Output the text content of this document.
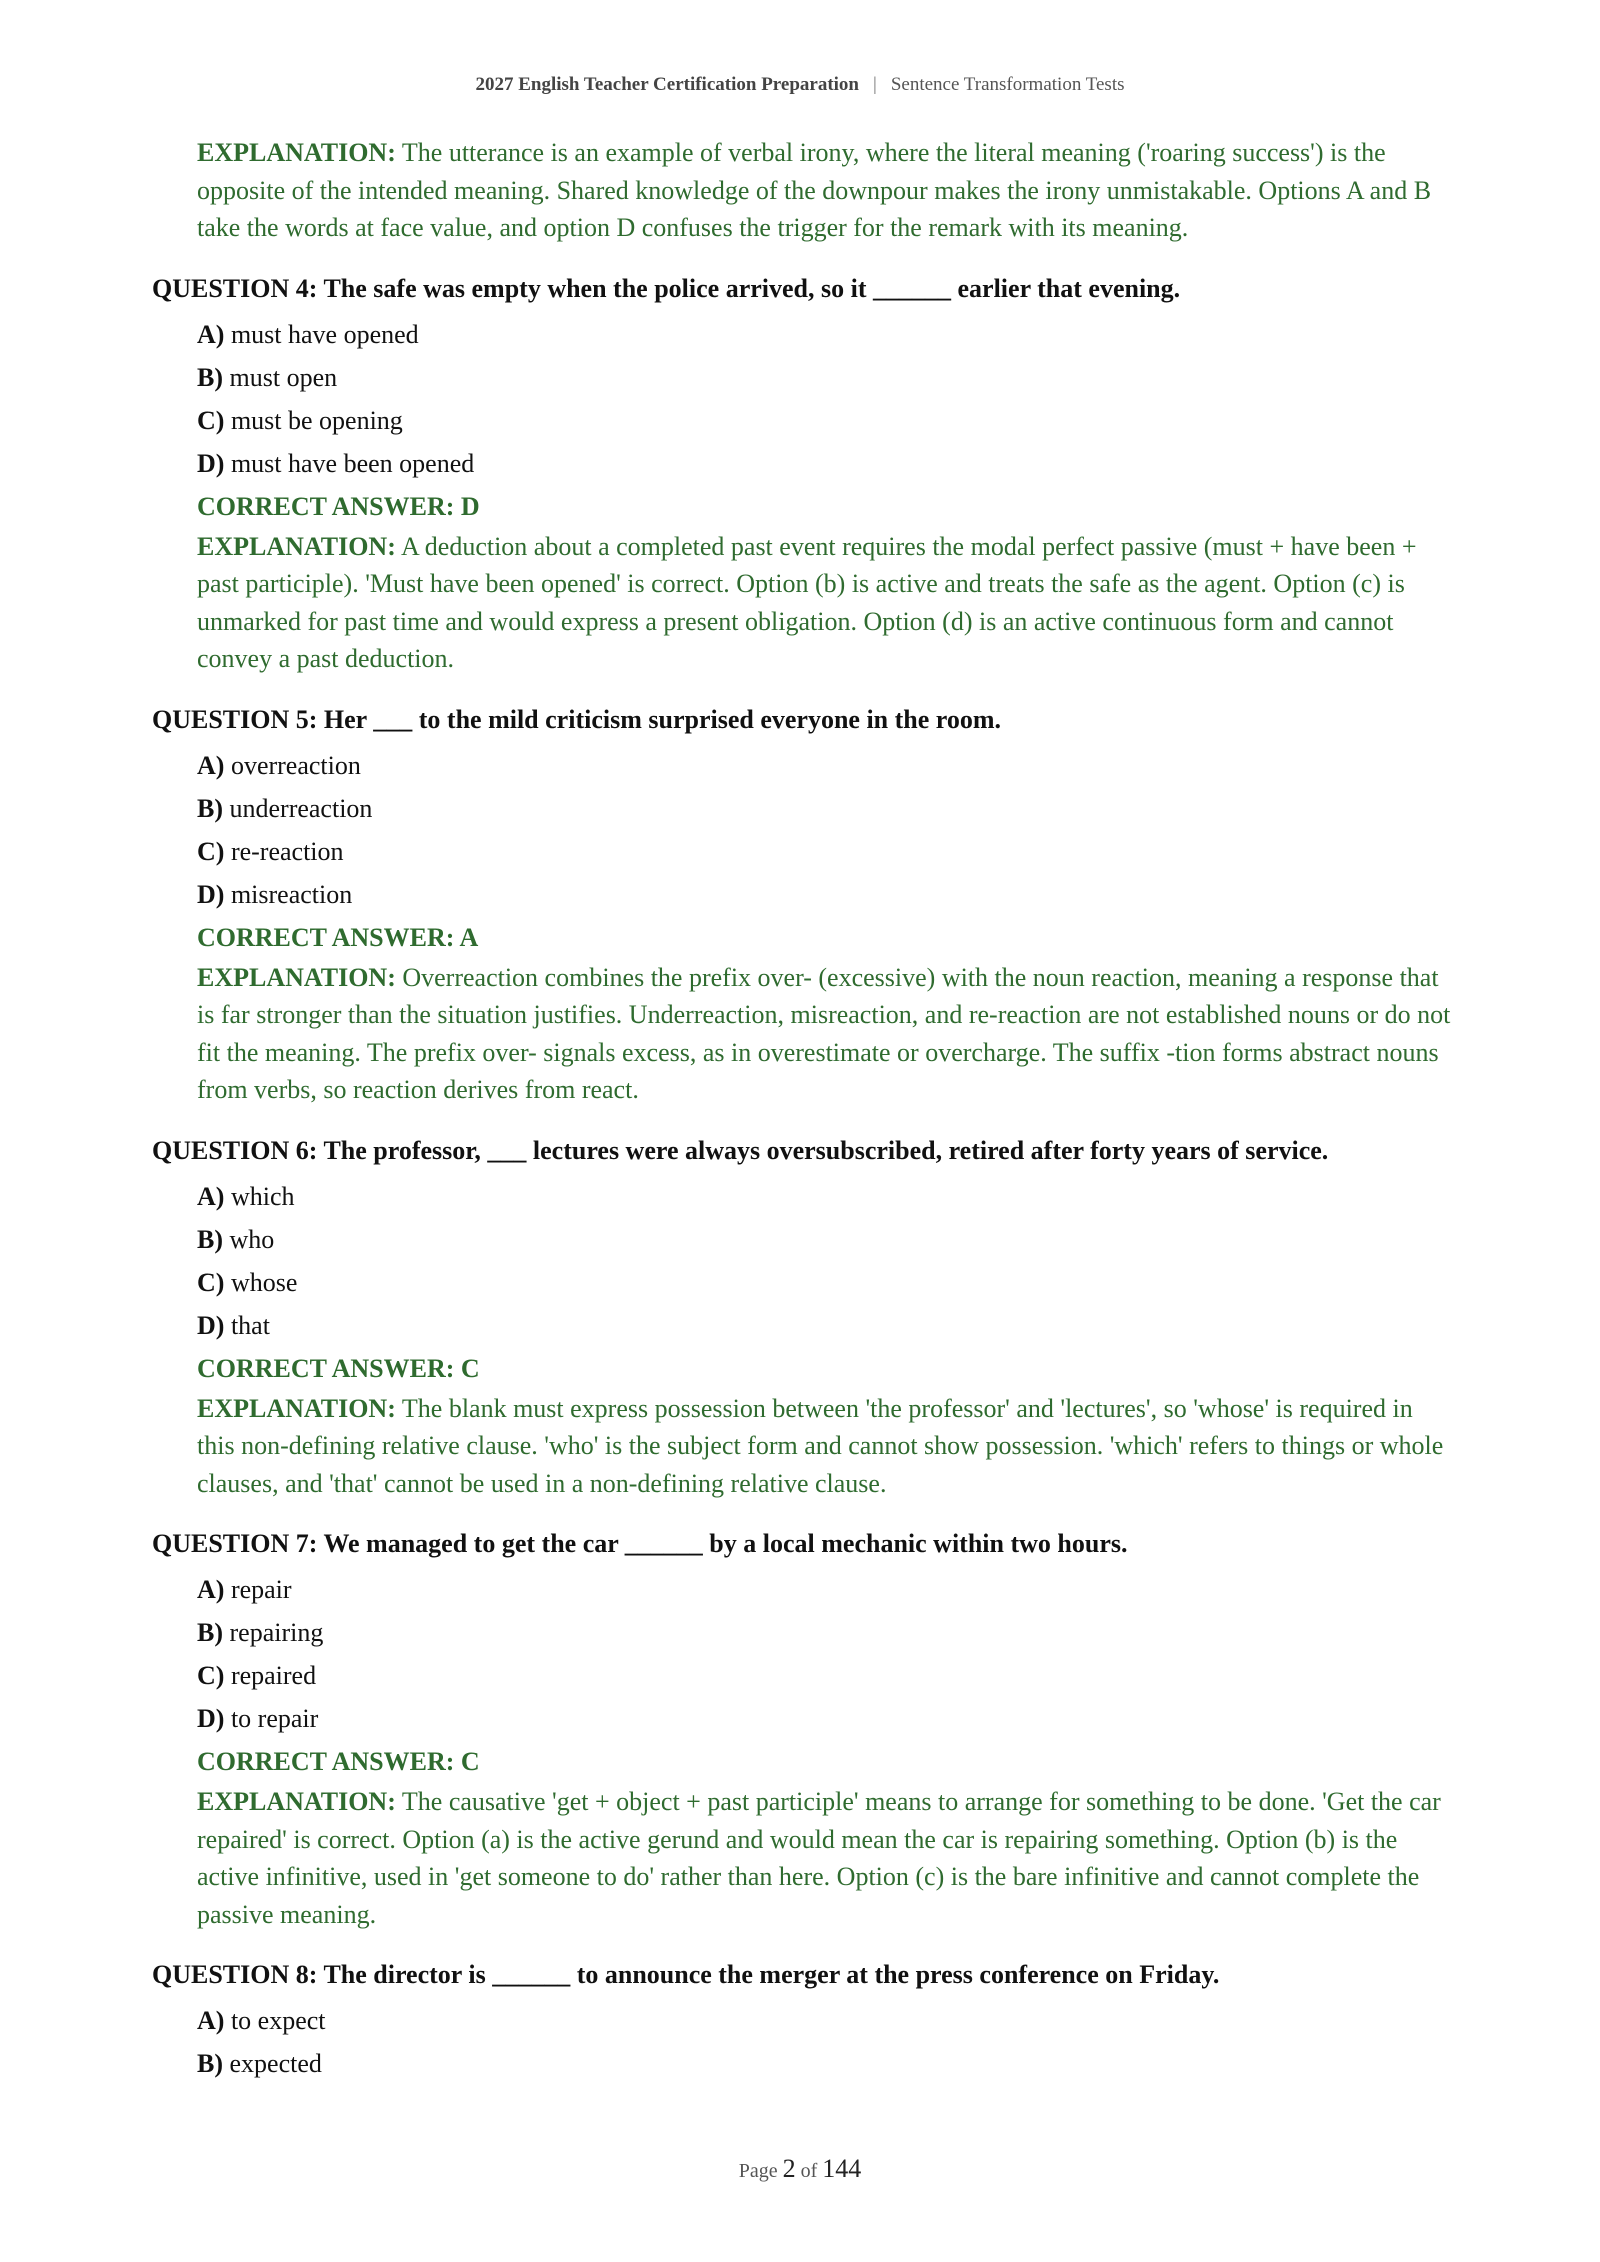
2027 English Teacher Certification Preparation | Sentence Transformation Tests

EXPLANATION: The utterance is an example of verbal irony, where the literal meaning ('roaring success') is the opposite of the intended meaning. Shared knowledge of the downpour makes the irony unmistakable. Options A and B take the words at face value, and option D confuses the trigger for the remark with its meaning.

QUESTION 4: The safe was empty when the police arrived, so it ______ earlier that evening.
A) must have opened
B) must open
C) must be opening
D) must have been opened
CORRECT ANSWER: D

EXPLANATION: A deduction about a completed past event requires the modal perfect passive (must + have been + past participle). 'Must have been opened' is correct. Option (b) is active and treats the safe as the agent. Option (c) is unmarked for past time and would express a present obligation. Option (d) is an active continuous form and cannot convey a past deduction.

QUESTION 5: Her ___ to the mild criticism surprised everyone in the room.
A) overreaction
B) underreaction
C) re-reaction
D) misreaction
CORRECT ANSWER: A

EXPLANATION: Overreaction combines the prefix over- (excessive) with the noun reaction, meaning a response that is far stronger than the situation justifies. Underreaction, misreaction, and re-reaction are not established nouns or do not fit the meaning. The prefix over- signals excess, as in overestimate or overcharge. The suffix -tion forms abstract nouns from verbs, so reaction derives from react.

QUESTION 6: The professor, ___ lectures were always oversubscribed, retired after forty years of service.
A) which
B) who
C) whose
D) that
CORRECT ANSWER: C

EXPLANATION: The blank must express possession between 'the professor' and 'lectures', so 'whose' is required in this non-defining relative clause. 'who' is the subject form and cannot show possession. 'which' refers to things or whole clauses, and 'that' cannot be used in a non-defining relative clause.

QUESTION 7: We managed to get the car ______ by a local mechanic within two hours.
A) repair
B) repairing
C) repaired
D) to repair
CORRECT ANSWER: C

EXPLANATION: The causative 'get + object + past participle' means to arrange for something to be done. 'Get the car repaired' is correct. Option (a) is the active gerund and would mean the car is repairing something. Option (b) is the active infinitive, used in 'get someone to do' rather than here. Option (c) is the bare infinitive and cannot complete the passive meaning.

QUESTION 8: The director is ______ to announce the merger at the press conference on Friday.
A) to expect
B) expected
Page 2 of 144
